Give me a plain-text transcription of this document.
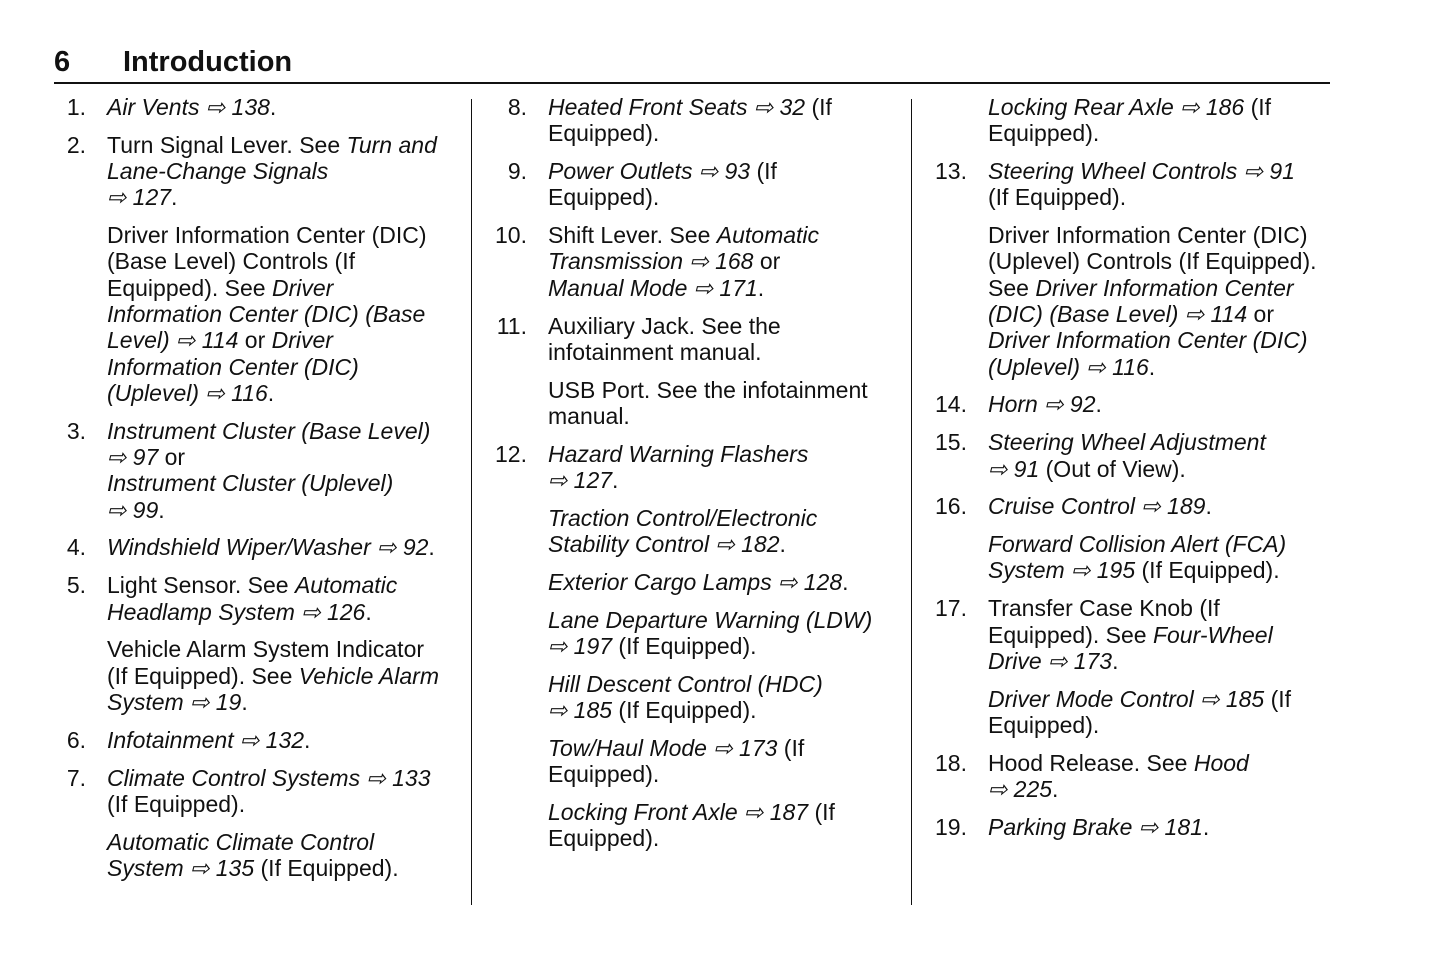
6 Introduction
1. Air Vents ⇨ 138.
2. Turn Signal Lever. See Turn and Lane-Change Signals
⇨ 127.
Driver Information Center (DIC) (Base Level) Controls (If Equipped). See Driver Information Center (DIC) (Base Level) ⇨ 114 or Driver Information Center (DIC) (Uplevel) ⇨ 116.
3. Instrument Cluster (Base Level) ⇨ 97 or
Instrument Cluster (Uplevel)
⇨ 99.
4. Windshield Wiper/Washer ⇨ 92.
5. Light Sensor. See Automatic Headlamp System ⇨ 126.
Vehicle Alarm System Indicator (If Equipped). See Vehicle Alarm System ⇨ 19.
6. Infotainment ⇨ 132.
7. Climate Control Systems ⇨ 133
(If Equipped).
Automatic Climate Control System ⇨ 135 (If Equipped).
8. Heated Front Seats ⇨ 32 (If Equipped).
9. Power Outlets ⇨ 93 (If Equipped).
10. Shift Lever. See Automatic Transmission ⇨ 168 or
Manual Mode ⇨ 171.
11. Auxiliary Jack. See the infotainment manual.
USB Port. See the infotainment manual.
12. Hazard Warning Flashers
⇨ 127.
Traction Control/Electronic Stability Control ⇨ 182.
Exterior Cargo Lamps ⇨ 128.
Lane Departure Warning (LDW) ⇨ 197 (If Equipped).
Hill Descent Control (HDC)
⇨ 185 (If Equipped).
Tow/Haul Mode ⇨ 173 (If Equipped).
Locking Front Axle ⇨ 187 (If Equipped).
Locking Rear Axle ⇨ 186 (If Equipped).
13. Steering Wheel Controls ⇨ 91
(If Equipped).
Driver Information Center (DIC) (Uplevel) Controls (If Equipped). See Driver Information Center (DIC) (Base Level) ⇨ 114 or Driver Information Center (DIC) (Uplevel) ⇨ 116.
14. Horn ⇨ 92.
15. Steering Wheel Adjustment
⇨ 91 (Out of View).
16. Cruise Control ⇨ 189.
Forward Collision Alert (FCA) System ⇨ 195 (If Equipped).
17. Transfer Case Knob (If Equipped). See Four-Wheel Drive ⇨ 173.
Driver Mode Control ⇨ 185 (If Equipped).
18. Hood Release. See Hood
⇨ 225.
19. Parking Brake ⇨ 181.
